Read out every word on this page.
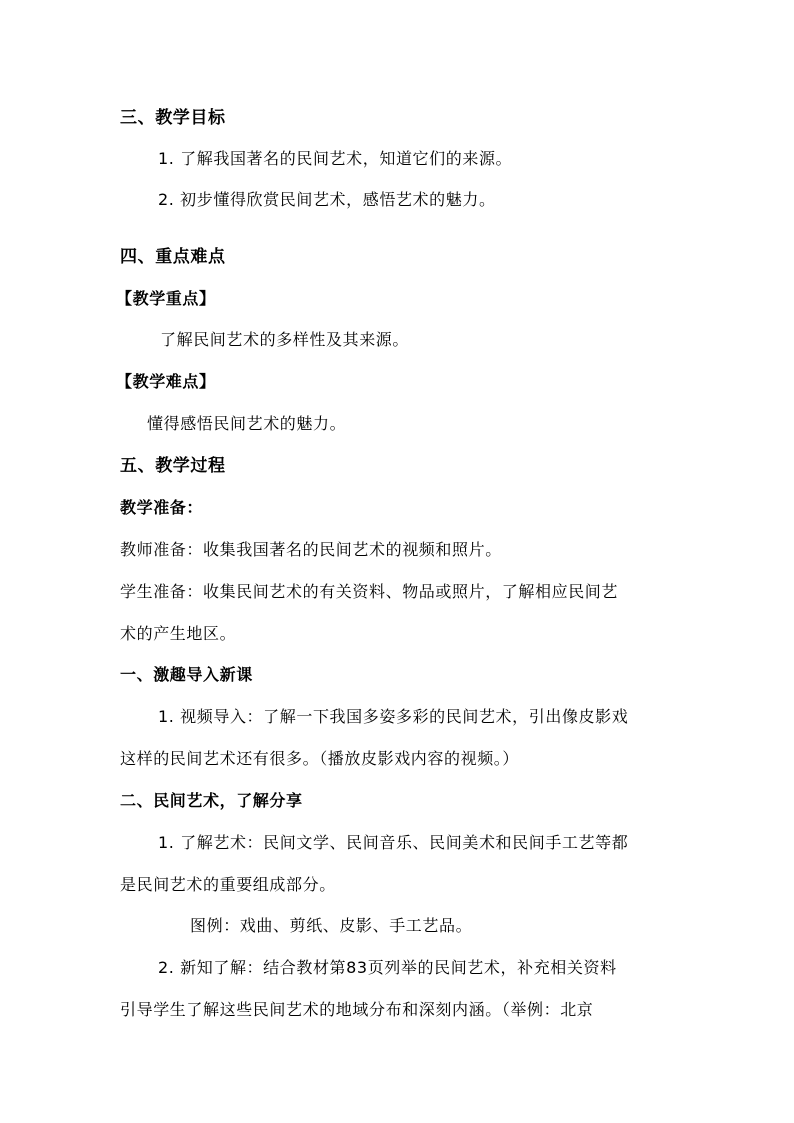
三、教学目标

1. 了解我国著名的民间艺术，知道它们的来源。

2. 初步懂得欣赏民间艺术，感悟艺术的魅力。

四、重点难点

【教学重点】

了解民间艺术的多样性及其来源。

【教学难点】

懂得感悟民间艺术的魅力。

五、教学过程

教学准备：

教师准备：收集我国著名的民间艺术的视频和照片。

学生准备：收集民间艺术的有关资料、物品或照片，了解相应民间艺

术的产生地区。

一、激趣导入新课

1. 视频导入：了解一下我国多姿多彩的民间艺术，引出像皮影戏

这样的民间艺术还有很多。（播放皮影戏内容的视频。）

二、民间艺术，了解分享

1. 了解艺术：民间文学、民间音乐、民间美术和民间手工艺等都

是民间艺术的重要组成部分。

图例：戏曲、剪纸、皮影、手工艺品。

2. 新知了解：结合教材第83页列举的民间艺术，补充相关资料

引导学生了解这些民间艺术的地域分布和深刻内涵。（举例：北京
